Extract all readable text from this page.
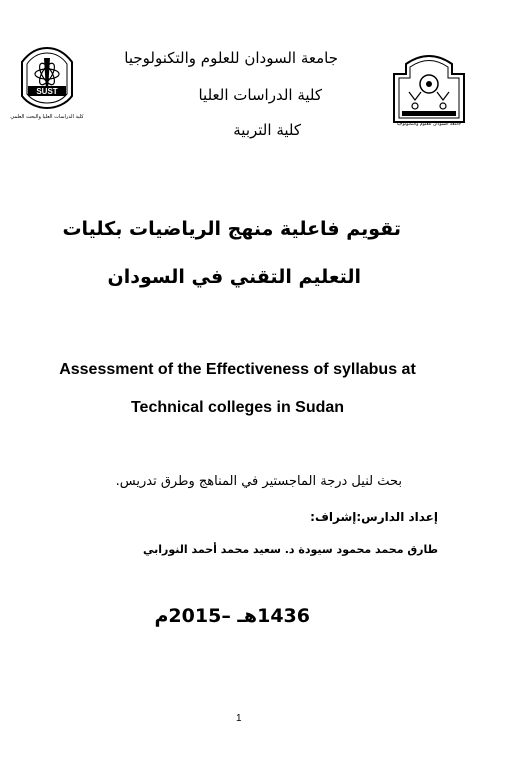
SUST
كلية الدراسات العليا والبحث العلمي
جامعة السودان للعلوم والتكنولوجيا
جامعة السودان للعلوم والتكنولوجيا
كلية الدراسات العليا
كلية التربية
تقويم فاعلية منهج الرياضيات بكليات
التعليم التقني في السودان
Assessment of the Effectiveness of syllabus at
Technical colleges in Sudan
بحث لنيل درجة الماجستير في المناهج وطرق تدريس.
إعداد الدارس:إشراف:
طارق محمد محمود سيودة د. سعيد محمد أحمد النورابي
1436هـ –2015م
1
